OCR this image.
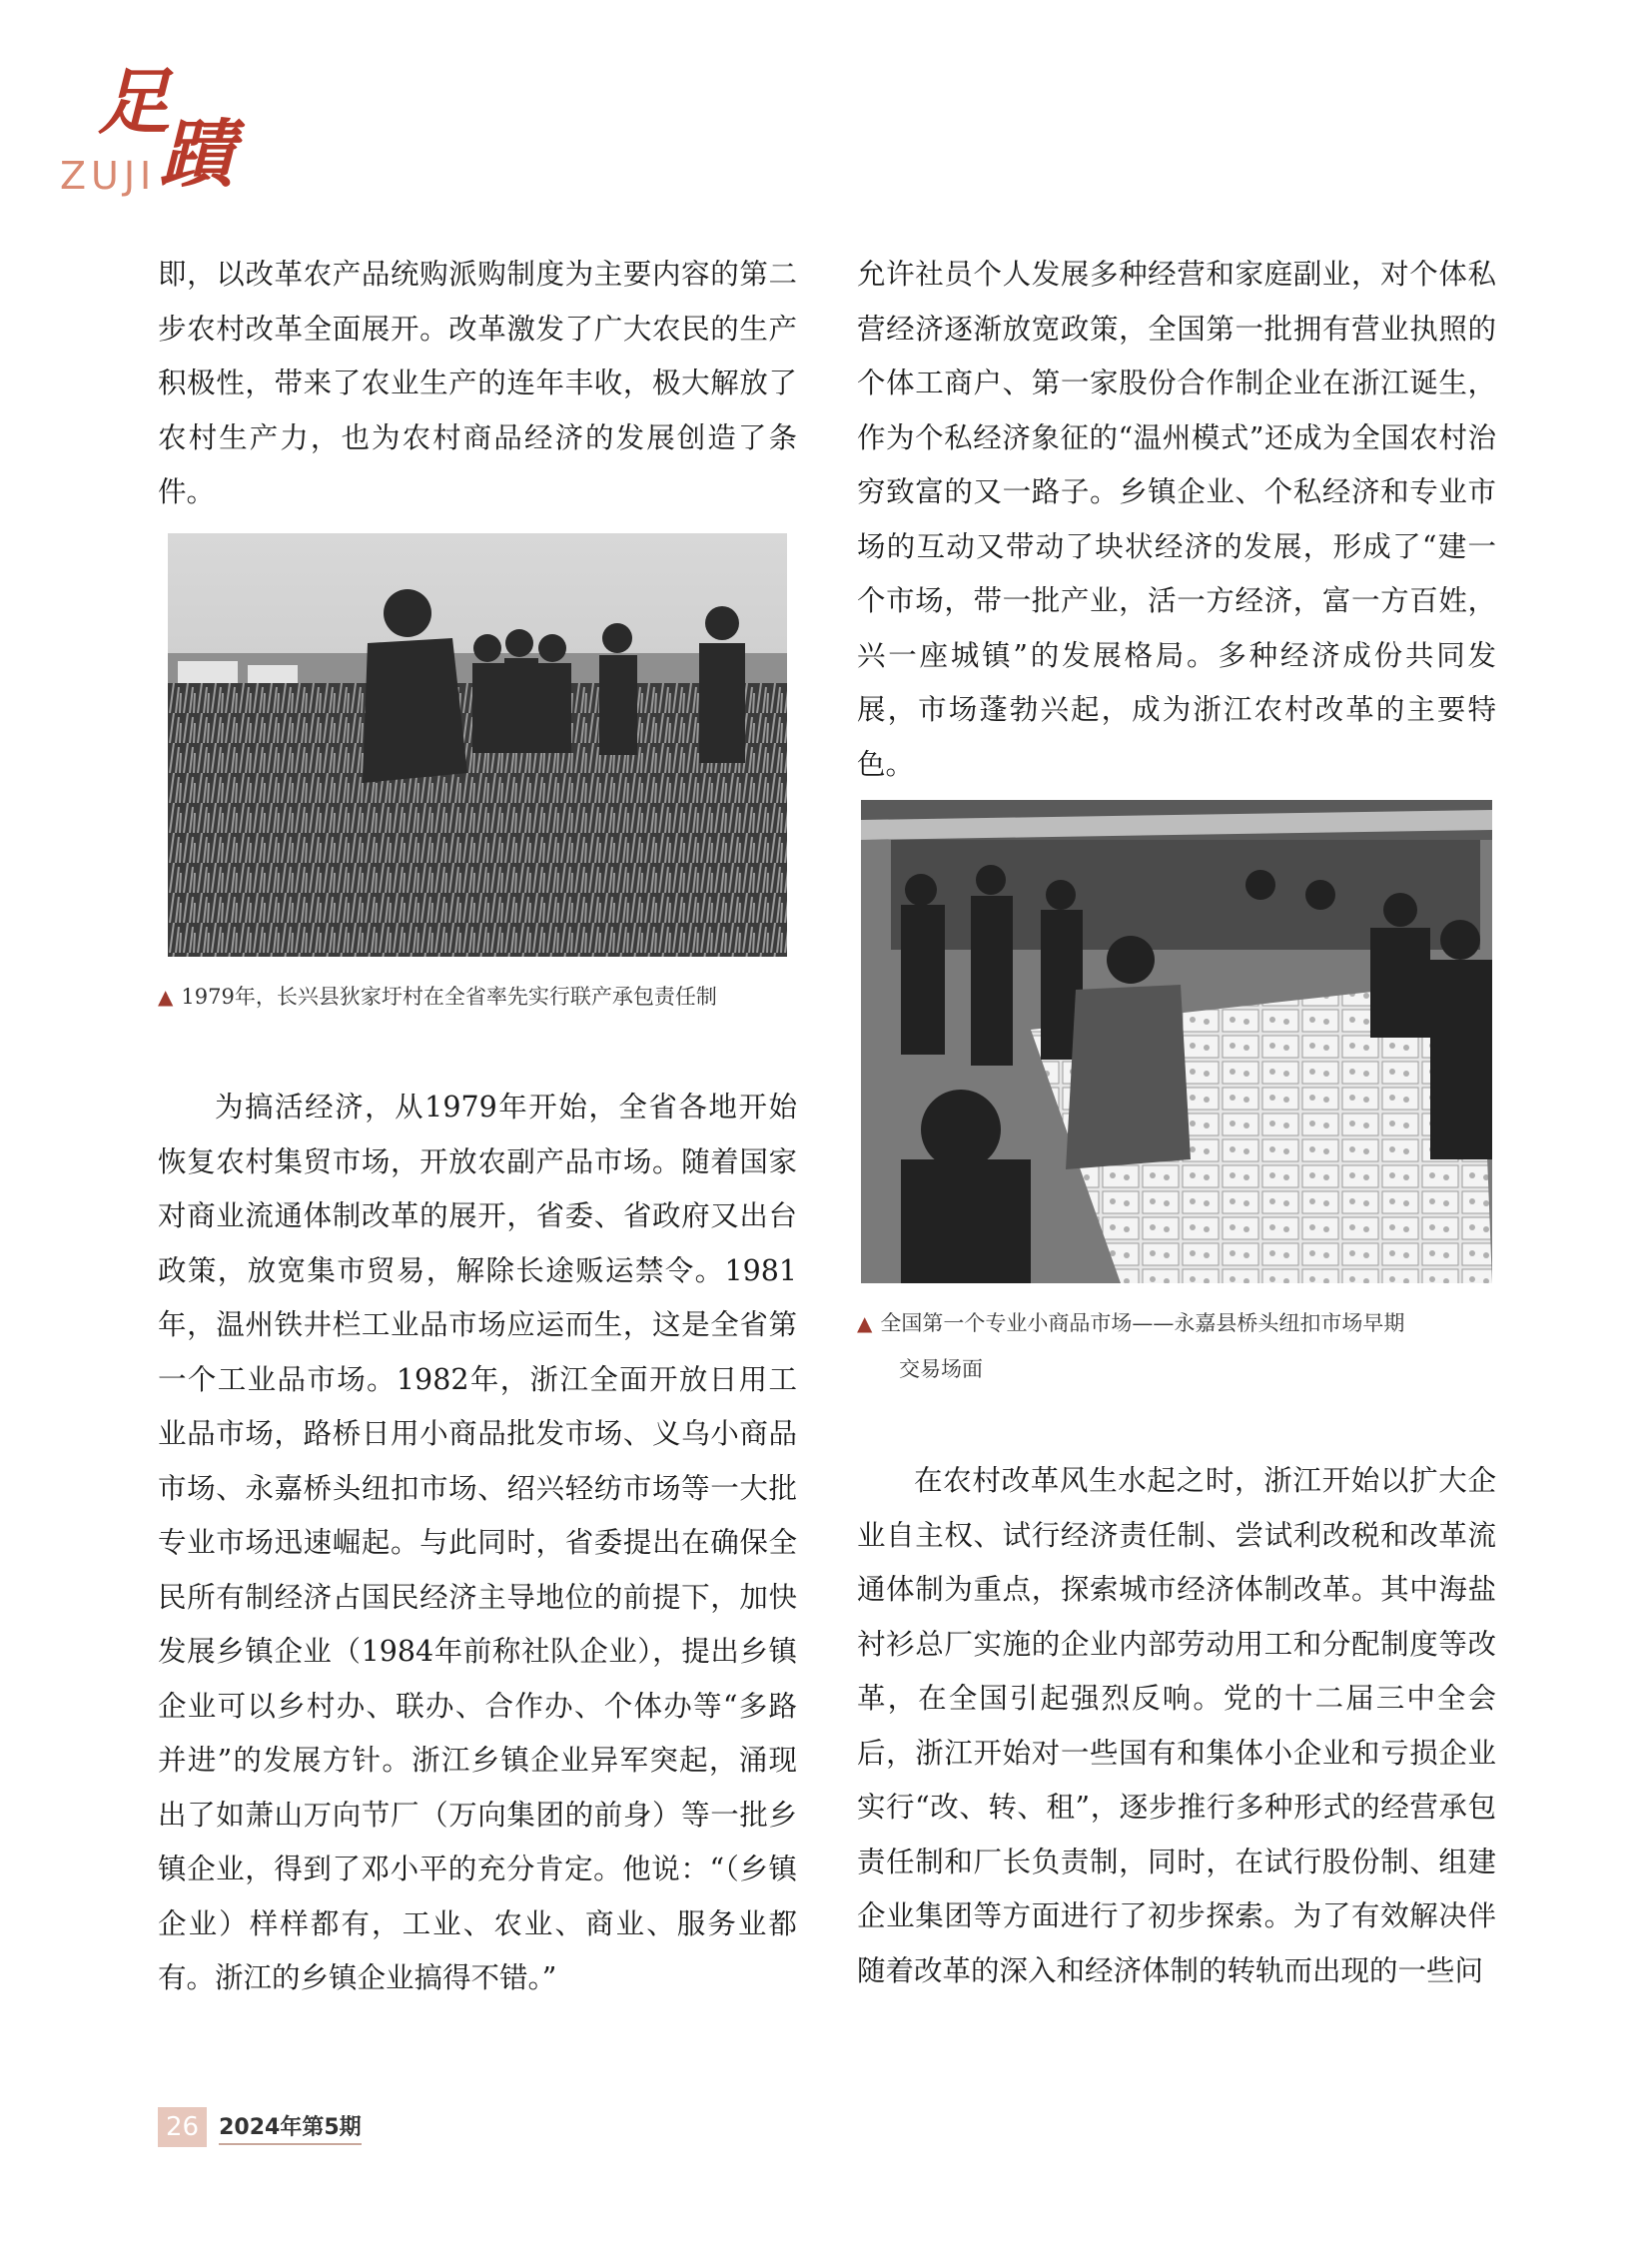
足
蹟
ZUJI

即，以改革农产品统购派购制度为主要内容的第二步农村改革全面展开。改革激发了广大农民的生产积极性，带来了农业生产的连年丰收，极大解放了农村生产力，也为农村商品经济的发展创造了条件。

▲ 1979年，长兴县狄家圩村在全省率先实行联产承包责任制

为搞活经济，从1979年开始，全省各地开始恢复农村集贸市场，开放农副产品市场。随着国家对商业流通体制改革的展开，省委、省政府又出台政策，放宽集市贸易，解除长途贩运禁令。1981年，温州铁井栏工业品市场应运而生，这是全省第一个工业品市场。1982年，浙江全面开放日用工业品市场，路桥日用小商品批发市场、义乌小商品市场、永嘉桥头纽扣市场、绍兴轻纺市场等一大批专业市场迅速崛起。与此同时，省委提出在确保全民所有制经济占国民经济主导地位的前提下，加快发展乡镇企业（1984年前称社队企业），提出乡镇企业可以乡村办、联办、合作办、个体办等“多路并进”的发展方针。浙江乡镇企业异军突起，涌现出了如萧山万向节厂（万向集团的前身）等一批乡镇企业，得到了邓小平的充分肯定。他说：“（乡镇企业）样样都有，工业、农业、商业、服务业都有。浙江的乡镇企业搞得不错。”

允许社员个人发展多种经营和家庭副业，对个体私营经济逐渐放宽政策，全国第一批拥有营业执照的个体工商户、第一家股份合作制企业在浙江诞生，作为个私经济象征的“温州模式”还成为全国农村治穷致富的又一路子。乡镇企业、个私经济和专业市场的互动又带动了块状经济的发展，形成了“建一个市场，带一批产业，活一方经济，富一方百姓，兴一座城镇”的发展格局。多种经济成份共同发展，市场蓬勃兴起，成为浙江农村改革的主要特色。

▲ 全国第一个专业小商品市场——永嘉县桥头纽扣市场早期
交易场面

在农村改革风生水起之时，浙江开始以扩大企业自主权、试行经济责任制、尝试利改税和改革流通体制为重点，探索城市经济体制改革。其中海盐衬衫总厂实施的企业内部劳动用工和分配制度等改革，在全国引起强烈反响。党的十二届三中全会后，浙江开始对一些国有和集体小企业和亏损企业实行“改、转、租”，逐步推行多种形式的经营承包责任制和厂长负责制，同时，在试行股份制、组建企业集团等方面进行了初步探索。为了有效解决伴随着改革的深入和经济体制的转轨而出现的一些问

26 2024年第5期
